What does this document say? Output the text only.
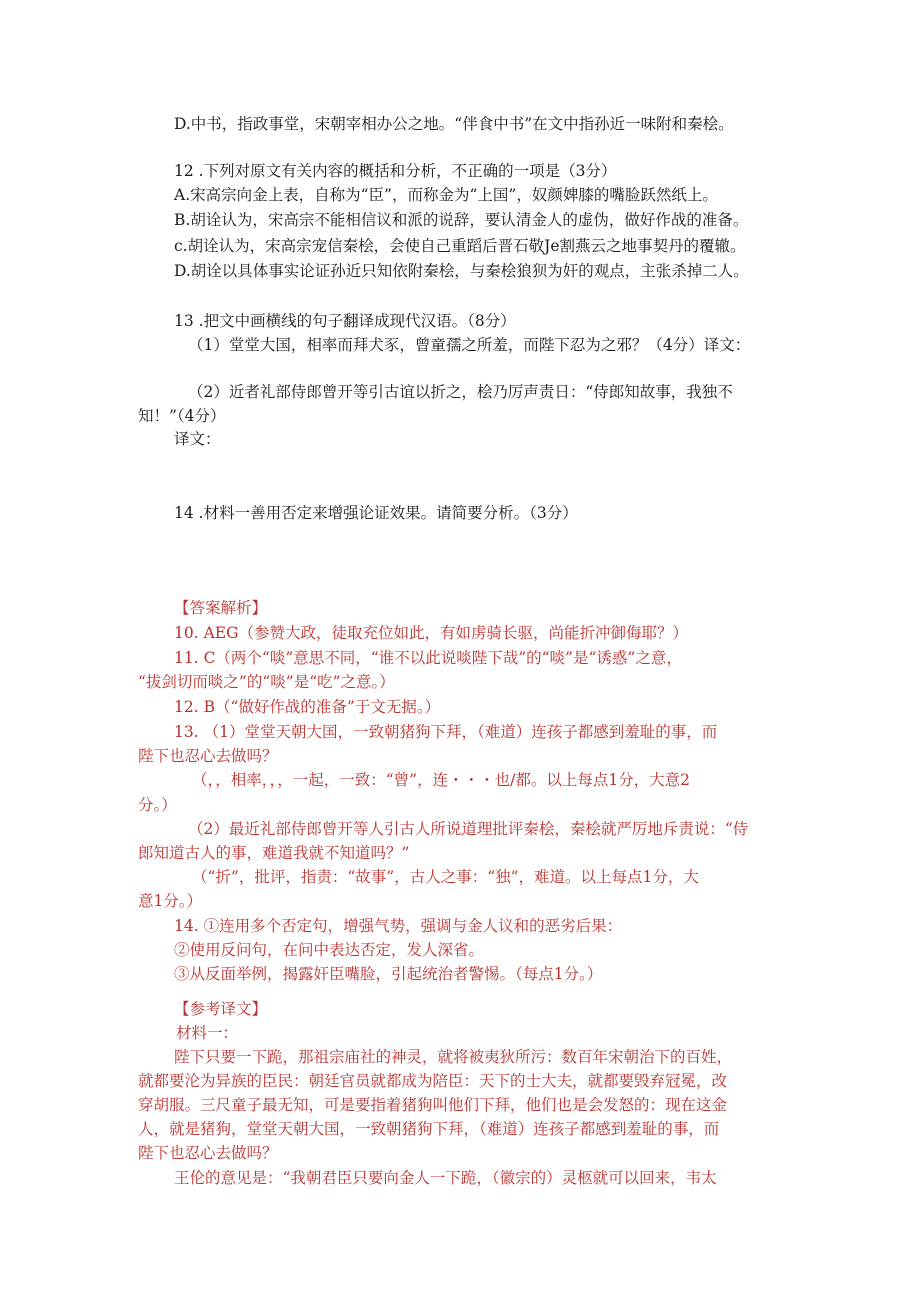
D.中书，指政事堂，宋朝宰相办公之地。“伴食中书”在文中指孙近一味附和秦桧。

12 .下列对原文有关内容的概括和分析，不正确的一项是（3分）

A.宋高宗向金上表，自称为“臣”，而称金为“上国”，奴颜婢膝的嘴脸跃然纸上。

B.胡诠认为，宋高宗不能相信议和派的说辞，要认清金人的虚伪，做好作战的准备。

c.胡诠认为，宋高宗宠信秦桧，会使自己重蹈后晋石敬Je割燕云之地事契丹的覆辙。

D.胡诠以具体事实论证孙近只知依附秦桧，与秦桧狼狈为奸的观点，主张杀掉二人。

13 .把文中画横线的句子翻译成现代汉语。（8分）

（1）堂堂大国，相率而拜犬豕，曾童孺之所羞，而陛下忍为之邪？（4分）译文：

（2）近者礼部侍郎曾开等引古谊以折之，桧乃厉声责日：“侍郎知故事，我独不

知！”（4分）

译文：

14 .材料一善用否定来增强论证效果。请简要分析。（3分）

【答案解析】

10. AEG（参赞大政，徒取充位如此，有如虏骑长驱，尚能折冲御侮耶？）

11. C（两个“啖”意思不同，“谁不以此说啖陛下哉”的“啖”是“诱惑”之意，

“拔剑切而啖之”的“啖”是“吃”之意。）

12. B（“做好作战的准备”于文无据。）

13. （1）堂堂天朝大国，一致朝猪狗下拜，（难道）连孩子都感到羞耻的事，而

陛下也忍心去做吗？

（，，相率，，，一起，一致：“曾”，连・・・也/都。以上每点1分，大意2

分。）

（2）最近礼部侍郎曾开等人引古人所说道理批评秦桧，秦桧就严厉地斥责说：“侍

郎知道古人的事，难道我就不知道吗？”

（“折”，批评，指责：“故事”，古人之事：“独”，难道。以上每点1分，大

意1分。）

14. ①连用多个否定句，增强气势，强调与金人议和的恶劣后果：

②使用反问句，在问中表达否定，发人深省。

③从反面举例，揭露奸臣嘴脸，引起统治者警惕。（每点1分。）

【参考译文】

材料一：

陛下只要一下跪，那祖宗庙社的神灵，就将被夷狄所污：数百年宋朝治下的百姓，

就都要沦为异族的臣民：朝廷官员就都成为陪臣：天下的士大夫，就都要毁弃冠冕，改

穿胡服。三尺童子最无知，可是要指着猪狗叫他们下拜，他们也是会发怒的：现在这金

人，就是猪狗，堂堂天朝大国，一致朝猪狗下拜，（难道）连孩子都感到羞耻的事，而

陛下也忍心去做吗？

王伦的意见是：“我朝君臣只要向金人一下跪，（徽宗的）灵柩就可以回来，韦太
